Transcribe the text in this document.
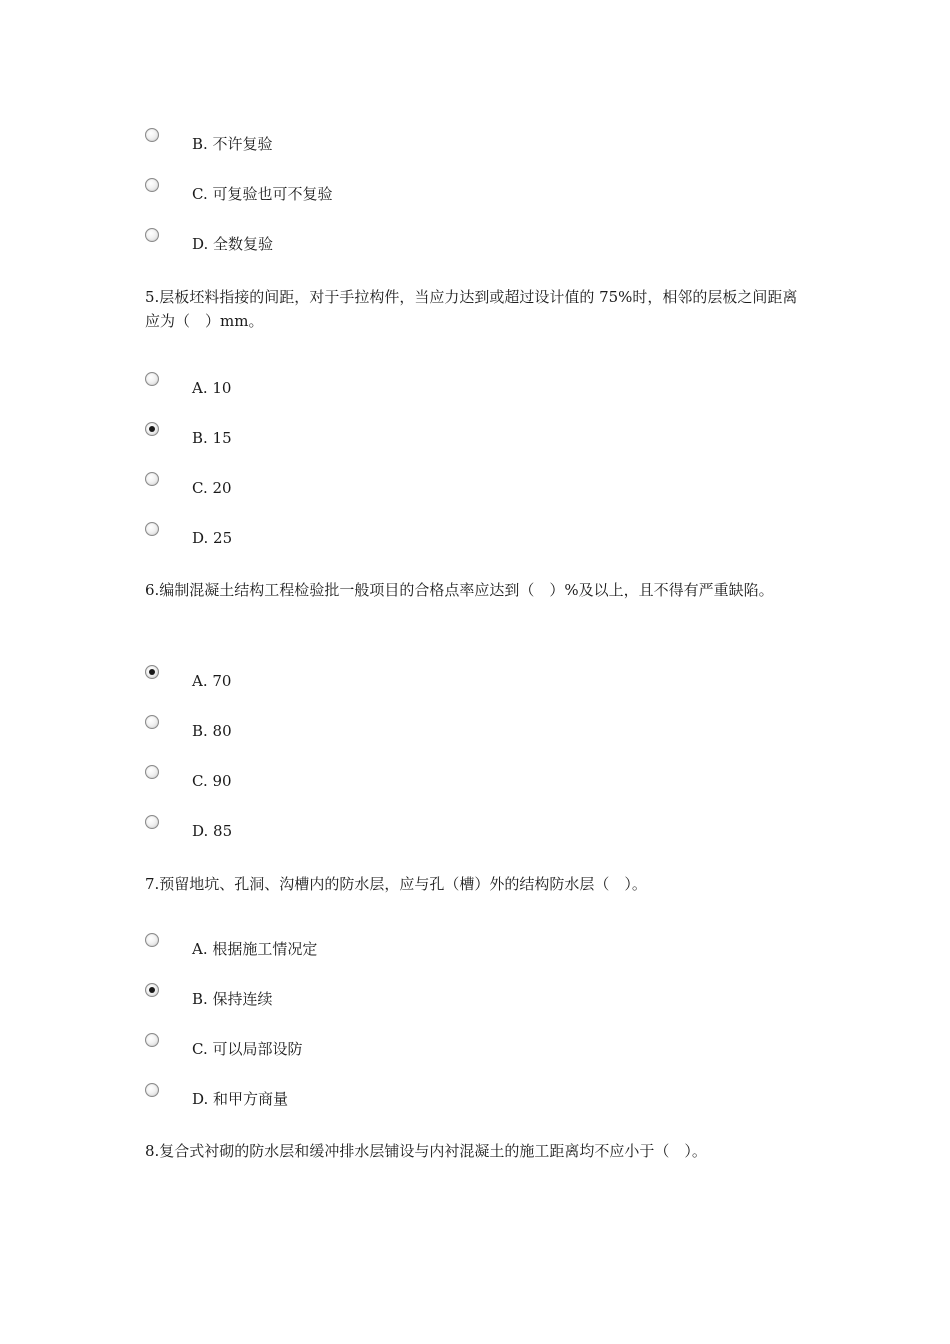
B. 不许复验
C. 可复验也可不复验
D. 全数复验
5.层板坯料指接的间距，对于手拉构件，当应力达到或超过设计值的 75%时，相邻的层板之间距离应为（　）mm。
A. 10
B. 15
C. 20
D. 25
6.编制混凝土结构工程检验批一般项目的合格点率应达到（　）%及以上，且不得有严重缺陷。
A. 70
B. 80
C. 90
D. 85
7.预留地坑、孔洞、沟槽内的防水层，应与孔（槽）外的结构防水层（　）。
A. 根据施工情况定
B. 保持连续
C. 可以局部设防
D. 和甲方商量
8.复合式衬砌的防水层和缓冲排水层铺设与内衬混凝土的施工距离均不应小于（　）。
